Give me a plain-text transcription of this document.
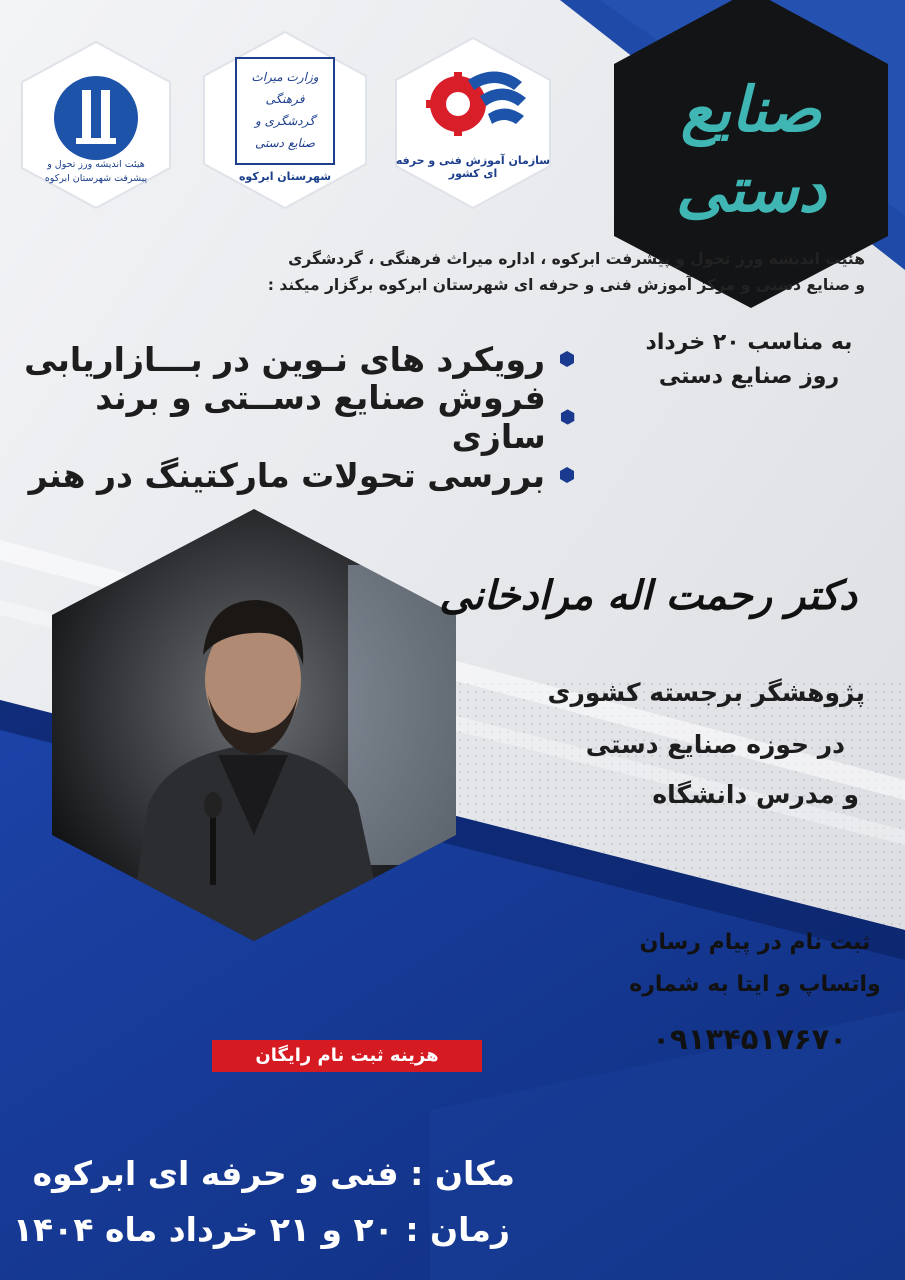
هیئت اندیشه ورز تحول و پیشرفت شهرستان ابرکوه
وزارت میراث فرهنگی گردشگری و صنایع دستی
شهرستان ابرکوه
سازمان آموزش فنی و حرفه ای کشور
صنایع دستی
هئیت اندیشه ورز تحول و پیشرفت ابرکوه ، اداره میراث فرهنگی ، گردشگری
و صنایع دستی و مرکز آموزش فنی و حرفه ای شهرستان ابرکوه برگزار میکند :
رویکرد های نـوین در بـــازاریابی
فروش صنایع دســتی و برند سازی
بررسی تحولات مارکتینگ در هنر
به مناسب ۲۰ خرداد
روز صنایع دستی
دکتر رحمت اله مرادخانی
پژوهشگر برجسته کشوری
در حوزه صنایع دستی
و مدرس دانشگاه
ثبت نام در پیام رسان
واتساپ و ایتا به شماره
۰۹۱۳۴۵۱۷۶۷۰
هزینه ثبت نام رایگان
مکان : فنی و حرفه ای ابرکوه
زمان : ۲۰ و ۲۱ خرداد ماه ۱۴۰۴
